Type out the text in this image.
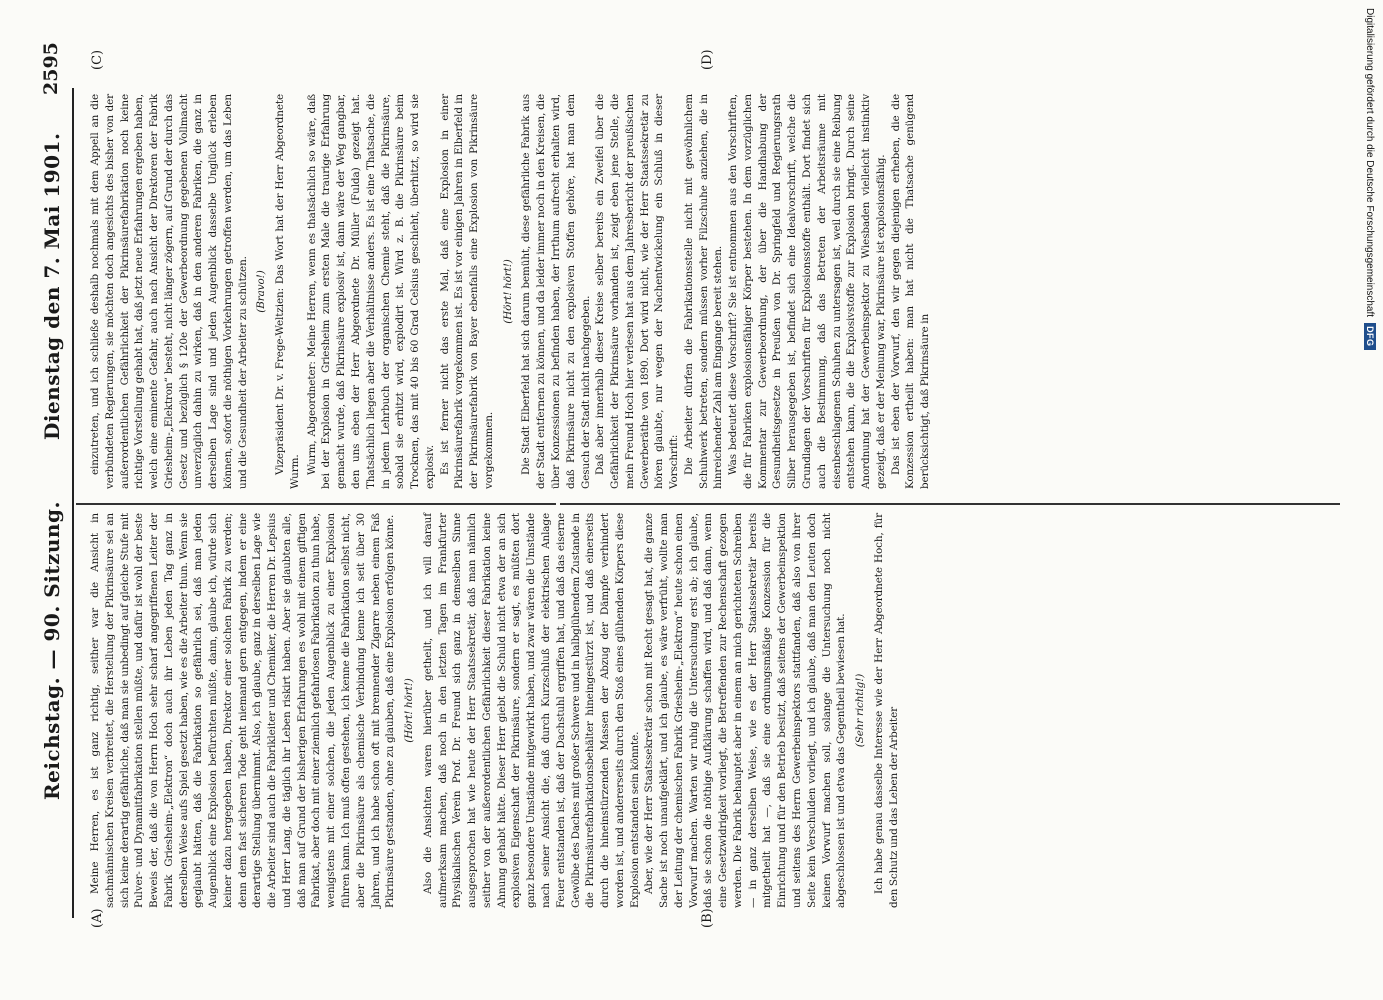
Reichstag. — 90. Sitzung.
Dienstag den 7. Mai 1901.
2595
(A)	(B)
(C)	(D)

Meine Herren, es ist ganz richtig, seither war die Ansicht in sachmännischen Kreisen verbreitet, die Herstellung der Pikrinsäure sei an sich keine derartig gefährliche, daß man sie unbedingt auf gleiche Stufe mit Pulver- und Dynamitfabrikation stellen müßte, und dafür ist wohl der beste Beweis der, daß die von Herrn Hoch sehr scharf angegriffenen Leiter der Fabrik Griesheim-„Elektron“ doch auch ihr Leben jeden Tag ganz in derselben Weise aufs Spiel gesetzt haben, wie es die Arbeiter thun. Wenn sie geglaubt hätten, daß die Fabrikation so gefährlich sei, daß man jeden Augenblick eine Explosion befürchten müßte, dann, glaube ich, würde sich keiner dazu hergegeben haben, Direktor einer solchen Fabrik zu werden; denn dem fast sicheren Tode geht niemand gern entgegen, indem er eine derartige Stellung übernimmt. Also, ich glaube, ganz in derselben Lage wie die Arbeiter sind auch die Fabrikleiter und Chemiker, die Herren Dr. Lepsius und Herr Lang, die täglich ihr Leben riskirt haben. Aber sie glaubten alle, daß man auf Grund der bisherigen Erfahrungen es wohl mit einem giftigen Fabrikat, aber doch mit einer ziemlich gefahrlosen Fabrikation zu thun habe, wenigstens mit einer solchen, die jeden Augenblick zu einer Explosion führen kann. Ich muß offen gestehen, ich kenne die Fabrikation selbst nicht, aber die Pikrinsäure als chemische Verbindung kenne ich seit über 30 Jahren, und ich habe schon oft mit brennender Zigarre neben einem Faß Pikrinsäure gestanden, ohne zu glauben, daß eine Explosion erfolgen könne. (Hört! hört!) Also die Ansichten waren hierüber getheilt, und ich will darauf aufmerksam machen, daß noch in den letzten Tagen im Frankfurter Physikalischen Verein Prof. Dr. Freund sich ganz in demselben Sinne ausgesprochen hat wie heute der Herr Staatssekretär, daß man nämlich seither von der außerordentlichen Gefährlichkeit dieser Fabrikation keine Ahnung gehabt hätte. Dieser Herr giebt die Schuld nicht etwa der an sich explosiven Eigenschaft der Pikrinsäure, sondern er sagt, es müßten dort ganz besondere Umstände mitgewirkt haben, und zwar wären die Umstände nach seiner Ansicht die, daß durch Kurzschluß der elektrischen Anlage Feuer entstanden ist, daß der Dachstuhl ergriffen hat, und daß das eiserne Gewölbe des Daches mit großer Schwere und in halbglühendem Zustande in die Pikrinsäurefabrikationsbehälter hineingestürzt ist, und daß einerseits durch die hineinstürzenden Massen der Abzug der Dämpfe verhindert worden ist, und andererseits durch den Stoß eines glühenden Körpers diese Explosion entstanden sein könnte. Aber, wie der Herr Staatssekretär schon mit Recht gesagt hat, die ganze Sache ist noch unaufgeklärt, und ich glaube, es wäre verfrüht, wollte man der Leitung der chemischen Fabrik Griesheim-„Elektron“ heute schon einen Vorwurf machen. Warten wir ruhig die Untersuchung erst ab; ich glaube, daß sie schon die nöthige Aufklärung schaffen wird, und daß dann, wenn eine Gesetzwidrigkeit vorliegt, die Betreffenden zur Rechenschaft gezogen werden. Die Fabrik behauptet aber in einem an mich gerichteten Schreiben — in ganz derselben Weise, wie es der Herr Staatssekretär bereits mitgetheilt hat —, daß sie eine ordnungsmäßige Konzession für die Einrichtung und für den Betrieb besitzt, daß seitens der Gewerbeinspektion und seitens des Herrn Gewerbeinspektors stattfanden, daß also von ihrer Seite kein Verschulden vorliegt, und ich glaube, daß man den Leuten doch keinen Vorwurf machen soll, solange die Untersuchung noch nicht abgeschlossen ist und etwa das Gegentheil bewiesen hat. (Sehr richtig!) Ich habe genau dasselbe Interesse wie der Herr Abgeordnete Hoch, für den Schutz und das Leben der Arbeiter

einzutreten, und ich schließe deshalb nochmals mit dem Appell an die verbündeten Regierungen, sie möchten doch angesichts des bisher von der außerordentlichen Gefährlichkeit der Pikrinsäurefabrikation noch keine richtige Vorstellung gehabt hat, daß jetzt neue Erfahrungen ergeben haben, welch eine eminente Gefahr, auch nach Ansicht der Direktoren der Fabrik Griesheim-„Elektron“ besteht, nicht länger zögern, auf Grund der durch das Gesetz und bezüglich § 120e der Gewerbeordnung gegebenen Vollmacht unverzüglich dahin zu wirken, daß in den anderen Fabriken, die ganz in derselben Lage sind und jeden Augenblick dasselbe Unglück erleben können, sofort die nöthigen Vorkehrungen getroffen werden, um das Leben und die Gesundheit der Arbeiter zu schützen. (Bravo!) Vizepräsident Dr. v. Frege-Weltzien: Das Wort hat der Herr Abgeordnete Wurm. Wurm, Abgeordneter: Meine Herren, wenn es thatsächlich so wäre, daß bei der Explosion in Griesheim zum ersten Male die traurige Erfahrung gemacht wurde, daß Pikrinsäure explosiv ist, dann wäre der Weg gangbar, den uns eben der Herr Abgeordnete Dr. Müller (Fulda) gezeigt hat. Thatsächlich liegen aber die Verhältnisse anders. Es ist eine Thatsache, die in jedem Lehrbuch der organischen Chemie steht, daß die Pikrinsäure, sobald sie erhitzt wird, explodirt ist. Wird z. B. die Pikrinsäure beim Trocknen, das mit 40 bis 60 Grad Celsius geschieht, überhitzt, so wird sie explosiv. Es ist ferner nicht das erste Mal, daß eine Explosion in einer Pikrinsäurefabrik vorgekommen ist. Es ist vor einigen Jahren in Elberfeld in der Pikrinsäurefabrik von Bayer ebenfalls eine Explosion von Pikrinsäure vorgekommen.

(Hört! hört!) Die Stadt Elberfeld hat sich darum bemüht, diese gefährliche Fabrik aus der Stadt entfernen zu können, und da leider immer noch in den Kreisen, die über Konzessionen zu befinden haben, der Irrthum aufrecht erhalten wird, daß Pikrinsäure nicht zu den explosiven Stoffen gehöre, hat man dem Gesuch der Stadt nicht nachgegeben. Daß aber innerhalb dieser Kreise selber bereits ein Zweifel über die Gefährlichkeit der Pikrinsäure vorhanden ist, zeigt eben jene Stelle, die mein Freund Hoch hier verlesen hat aus dem Jahresbericht der preußischen Gewerberäthe von 1890. Dort wird nicht, wie der Herr Staatssekretär zu hören glaubte, nur wegen der Nachentwickelung ein Schluß in dieser Vorschrift: Die Arbeiter dürfen die Fabrikationsstelle nicht mit gewöhnlichem Schuhwerk betreten, sondern müssen vorher Filzschuhe anziehen, die in hinreichender Zahl am Eingange bereit stehen. Was bedeutet diese Vorschrift? Sie ist entnommen aus den Vorschriften, die für Fabriken explosionsfähiger Körper bestehen. In dem vorzüglichen Kommentar zur Gewerbeordnung, der über die Handhabung der Gesundheitsgesetze in Preußen von Dr. Springfeld und Regierungsrath Silber herausgegeben ist, befindet sich eine Idealvorschrift, welche die Grundlagen der Vorschriften für Explosionsstoffe enthält. Dort findet sich auch die Bestimmung, daß das Betreten der Arbeitsräume mit eisenbeschlagenen Schuhen zu untersagen ist, weil durch sie eine Reibung entstehen kann, die die Explosivstoffe zur Explosion bringt. Durch seine Anordnung hat der Gewerbeinspektor zu Wiesbaden vielleicht instinktiv gezeigt, daß er der Meinung war, Pikrinsäure ist explosionsfähig. Das ist eben der Vorwurf, den wir gegen diejenigen erheben, die die Konzession ertheilt haben: man hat nicht die Thatsache genügend berücksichtigt, daß Pikrinsäure in

Digitalisierung gefördert durch die Deutsche Forschungsgemeinschaft
DFG
